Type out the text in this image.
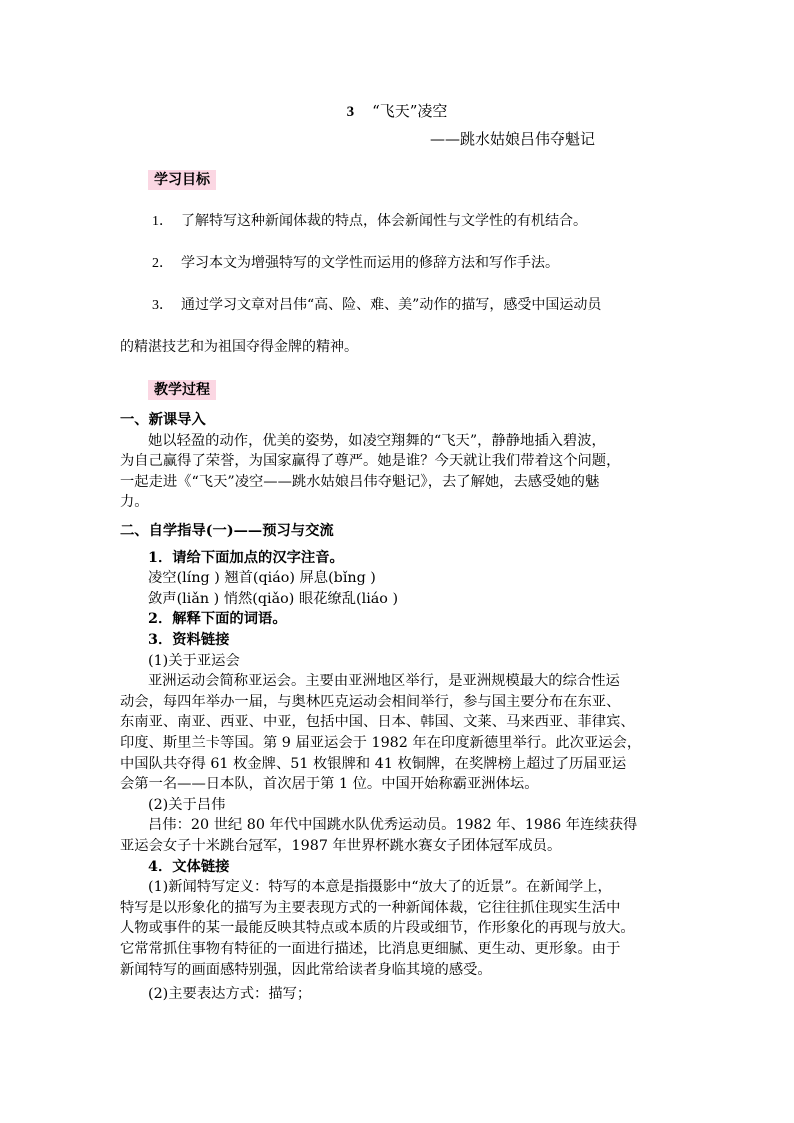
3 “飞天”凌空
——跳水姑娘吕伟夺魁记
学习目标
1． 了解特写这种新闻体裁的特点，体会新闻性与文学性的有机结合。
2． 学习本文为增强特写的文学性而运用的修辞方法和写作手法。
3． 通过学习文章对吕伟“高、险、难、美”动作的描写，感受中国运动员
的精湛技艺和为祖国夺得金牌的精神。
教学过程
一、新课导入
她以轻盈的动作，优美的姿势，如凌空翔舞的“飞天”，静静地插入碧波，
为自己赢得了荣誉，为国家赢得了尊严。她是谁？今天就让我们带着这个问题，
一起走进《“飞天”凌空——跳水姑娘吕伟夺魁记》，去了解她，去感受她的魅
力。
二、自学指导(一)——预习与交流
1．请给下面加点的汉字注音。
凌空(líng ) 翘首(qiáo) 屏息(bǐng )
敛声(liǎn ) 悄然(qiǎo) 眼花缭乱(liáo )
2．解释下面的词语。
3．资料链接
(1)关于亚运会
亚洲运动会简称亚运会。主要由亚洲地区举行，是亚洲规模最大的综合性运
动会，每四年举办一届，与奥林匹克运动会相间举行，参与国主要分布在东亚、
东南亚、南亚、西亚、中亚，包括中国、日本、韩国、文莱、马来西亚、菲律宾、
印度、斯里兰卡等国。第 9 届亚运会于 1982 年在印度新德里举行。此次亚运会，
中国队共夺得 61 枚金牌、51 枚银牌和 41 枚铜牌，在奖牌榜上超过了历届亚运
会第一名——日本队，首次居于第 1 位。中国开始称霸亚洲体坛。
(2)关于吕伟
吕伟：20 世纪 80 年代中国跳水队优秀运动员。1982 年、1986 年连续获得
亚运会女子十米跳台冠军，1987 年世界杯跳水赛女子团体冠军成员。
4．文体链接
(1)新闻特写定义：特写的本意是指摄影中“放大了的近景”。在新闻学上，
特写是以形象化的描写为主要表现方式的一种新闻体裁，它往往抓住现实生活中
人物或事件的某一最能反映其特点或本质的片段或细节，作形象化的再现与放大。
它常常抓住事物有特征的一面进行描述，比消息更细腻、更生动、更形象。由于
新闻特写的画面感特别强，因此常给读者身临其境的感受。
(2)主要表达方式：描写；
